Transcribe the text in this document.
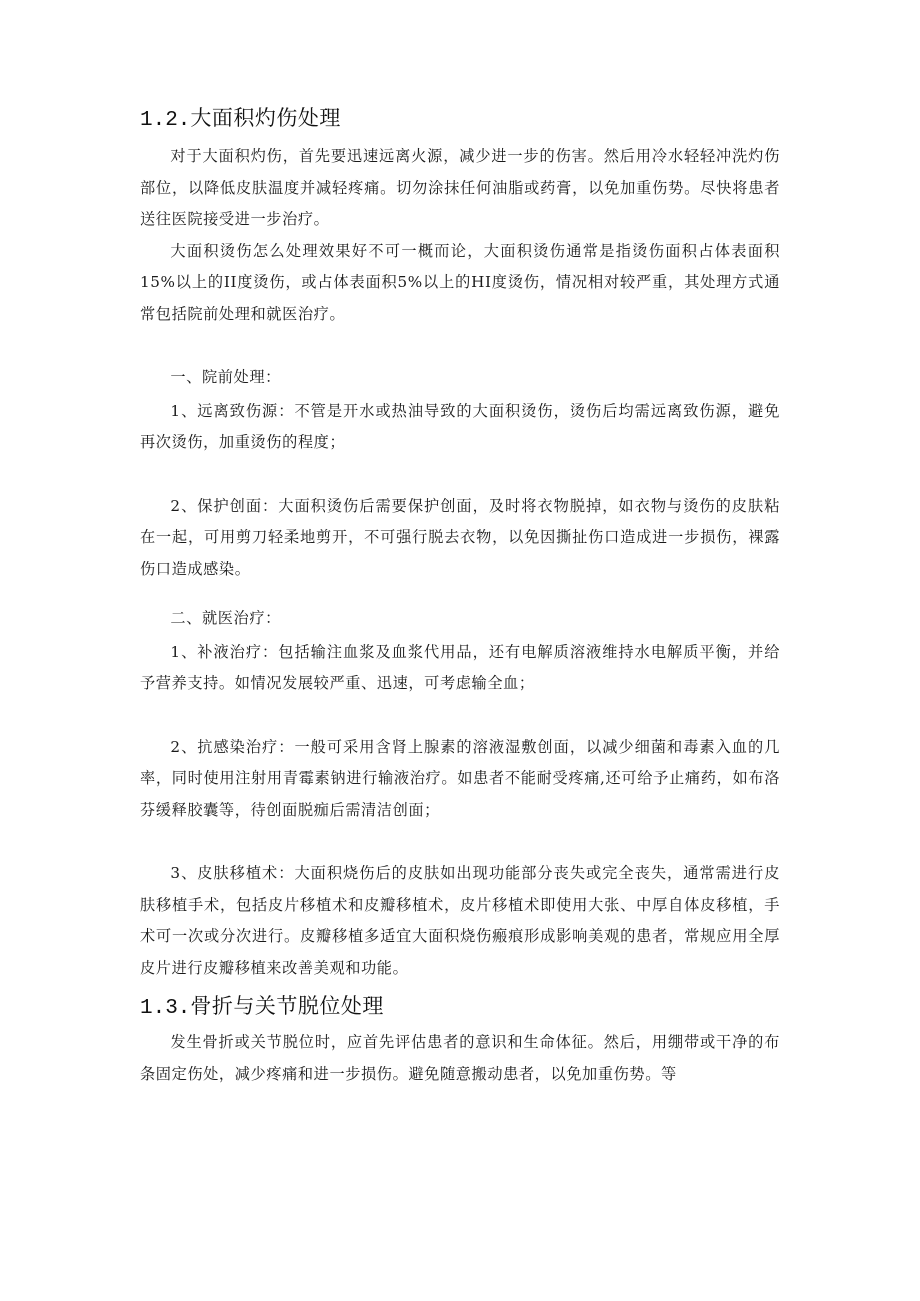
1.2.大面积灼伤处理

对于大面积灼伤，首先要迅速远离火源，减少进一步的伤害。然后用冷水轻轻冲洗灼伤部位，以降低皮肤温度并减轻疼痛。切勿涂抹任何油脂或药膏，以免加重伤势。尽快将患者送往医院接受进一步治疗。

大面积烫伤怎么处理效果好不可一概而论，大面积烫伤通常是指烫伤面积占体表面积15%以上的II度烫伤，或占体表面积5%以上的HI度烫伤，情况相对较严重，其处理方式通常包括院前处理和就医治疗。

一、院前处理：

1、远离致伤源：不管是开水或热油导致的大面积烫伤，烫伤后均需远离致伤源，避免再次烫伤，加重烫伤的程度；

2、保护创面：大面积烫伤后需要保护创面，及时将衣物脱掉，如衣物与烫伤的皮肤粘在一起，可用剪刀轻柔地剪开，不可强行脱去衣物，以免因撕扯伤口造成进一步损伤，裸露伤口造成感染。

二、就医治疗：

1、补液治疗：包括输注血浆及血浆代用品，还有电解质溶液维持水电解质平衡，并给予营养支持。如情况发展较严重、迅速，可考虑输全血；

2、抗感染治疗：一般可采用含肾上腺素的溶液湿敷创面，以减少细菌和毒素入血的几率，同时使用注射用青霉素钠进行输液治疗。如患者不能耐受疼痛,还可给予止痛药，如布洛芬缓释胶囊等，待创面脱痂后需清洁创面；

3、皮肤移植术：大面积烧伤后的皮肤如出现功能部分丧失或完全丧失，通常需进行皮肤移植手术，包括皮片移植术和皮瓣移植术，皮片移植术即使用大张、中厚自体皮移植，手术可一次或分次进行。皮瓣移植多适宜大面积烧伤瘢痕形成影响美观的患者，常规应用全厚皮片进行皮瓣移植来改善美观和功能。

1.3.骨折与关节脱位处理

发生骨折或关节脱位时，应首先评估患者的意识和生命体征。然后，用绷带或干净的布条固定伤处，减少疼痛和进一步损伤。避免随意搬动患者，以免加重伤势。等
